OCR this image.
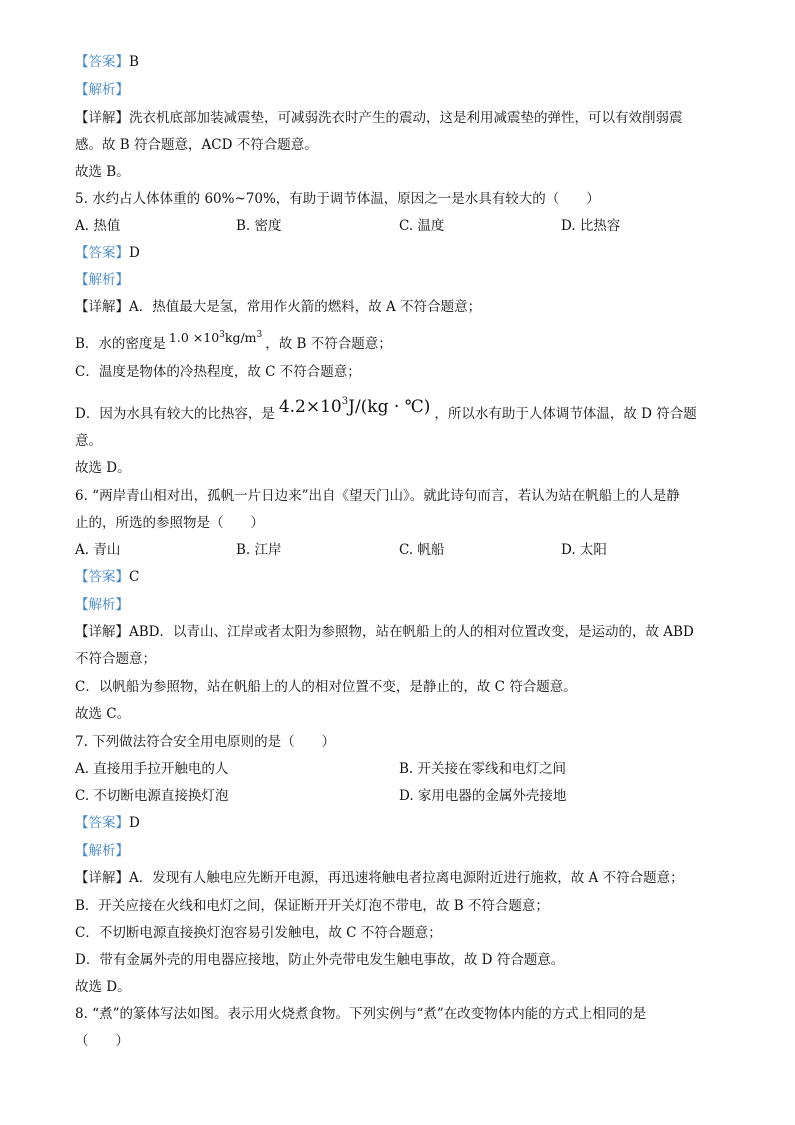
【答案】B
【解析】
【详解】洗衣机底部加装减震垫，可减弱洗衣时产生的震动，这是利用减震垫的弹性，可以有效削弱震
感。故 B 符合题意，ACD 不符合题意。
故选 B。
5. 水约占人体体重的 60%~70%，有助于调节体温，原因之一是水具有较大的（　　）
A. 热值	B. 密度	C. 温度	D. 比热容
【答案】D
【解析】
【详解】A．热值最大是氢，常用作火箭的燃料，故 A 不符合题意；
B．水的密度是 $1.0 \times 10^3kg/m^3$，故 B 不符合题意；
C．温度是物体的冷热程度，故 C 不符合题意；
D．因为水具有较大的比热容，是 $4.2\times 10^3J/(kg$ · ℃) ，所以水有助于人体调节体温，故 D 符合题
意。
故选 D。
6. “两岸青山相对出，孤帆一片日边来”出自《望天门山》。就此诗句而言，若认为站在帆船上的人是静
止的，所选的参照物是（　　）
A. 青山	B. 江岸	C. 帆船	D. 太阳
【答案】C
【解析】
【详解】ABD．以青山、江岸或者太阳为参照物，站在帆船上的人的相对位置改变，是运动的，故 ABD
不符合题意；
C．以帆船为参照物，站在帆船上的人的相对位置不变，是静止的，故 C 符合题意。
故选 C。
7. 下列做法符合安全用电原则的是（　　）
A. 直接用手拉开触电的人	B. 开关接在零线和电灯之间
C. 不切断电源直接换灯泡	D. 家用电器的金属外壳接地
【答案】D
【解析】
【详解】A．发现有人触电应先断开电源，再迅速将触电者拉离电源附近进行施救，故 A 不符合题意；
B．开关应接在火线和电灯之间，保证断开开关灯泡不带电，故 B 不符合题意；
C．不切断电源直接换灯泡容易引发触电，故 C 不符合题意；
D．带有金属外壳的用电器应接地，防止外壳带电发生触电事故，故 D 符合题意。
故选 D。
8. “煮”的篆体写法如图。表示用火烧煮食物。下列实例与“煮”在改变物体内能的方式上相同的是
（　　）
